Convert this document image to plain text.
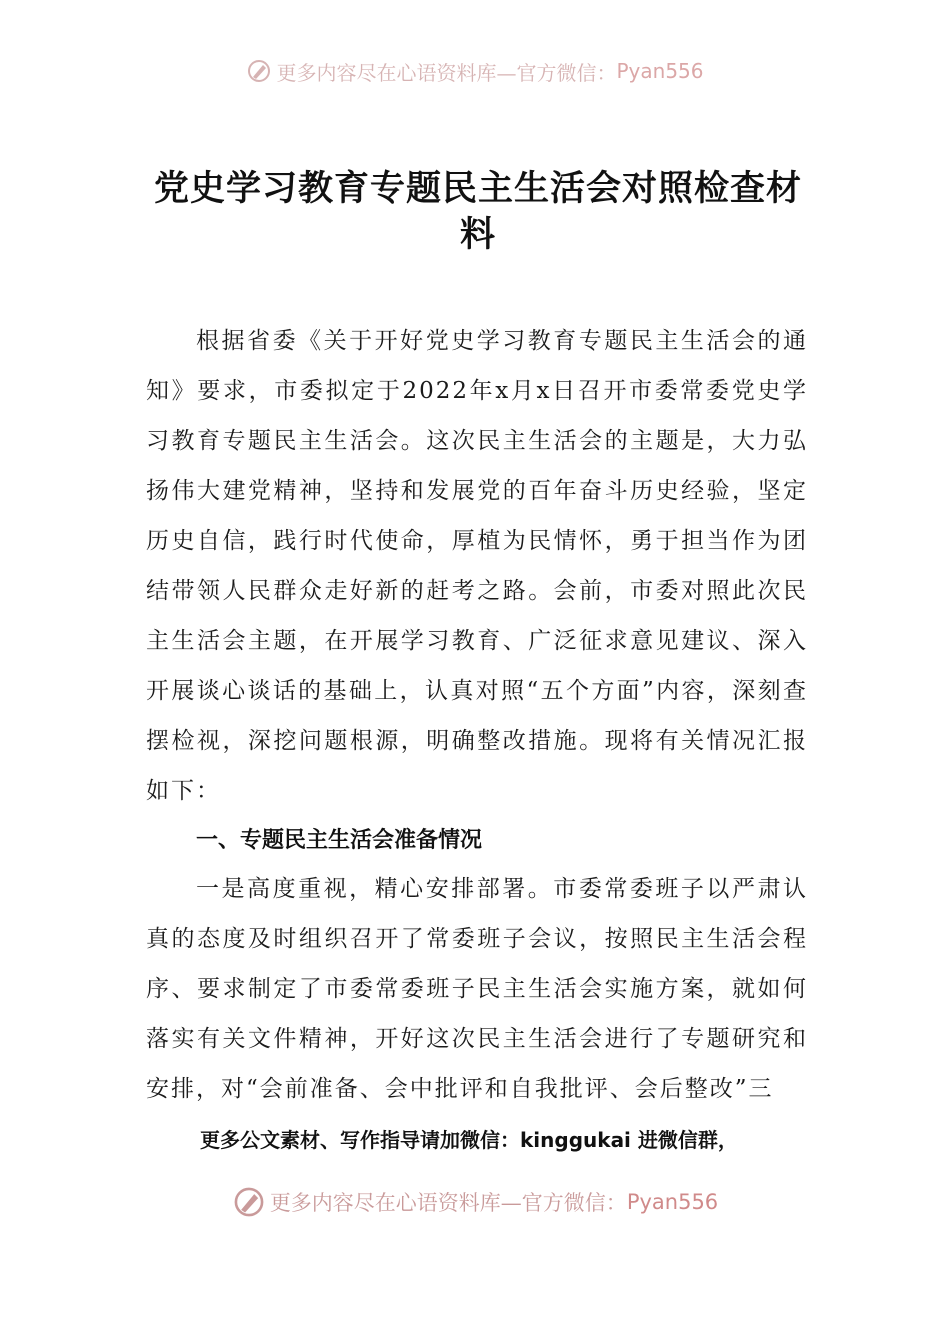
更多内容尽在心语资料库—官方微信： Pyan556
党史学习教育专题民主生活会对照检查材料

根据省委《关于开好党史学习教育专题民主生活会的通知》要求，市委拟定于2022年x月x日召开市委常委党史学习教育专题民主生活会。这次民主生活会的主题是，大力弘扬伟大建党精神，坚持和发展党的百年奋斗历史经验，坚定历史自信，践行时代使命，厚植为民情怀，勇于担当作为团结带领人民群众走好新的赶考之路。会前，市委对照此次民主生活会主题，在开展学习教育、广泛征求意见建议、深入开展谈心谈话的基础上，认真对照“五个方面”内容，深刻查摆检视，深挖问题根源，明确整改措施。现将有关情况汇报如下：

一、专题民主生活会准备情况

一是高度重视，精心安排部署。市委常委班子以严肃认真的态度及时组织召开了常委班子会议，按照民主生活会程序、要求制定了市委常委班子民主生活会实施方案，就如何落实有关文件精神，开好这次民主生活会进行了专题研究和安排，对“会前准备、会中批评和自我批评、会后整改”三

更多公文素材、写作指导请加微信：kinggukai 进微信群，
更多内容尽在心语资料库—官方微信： Pyan556
